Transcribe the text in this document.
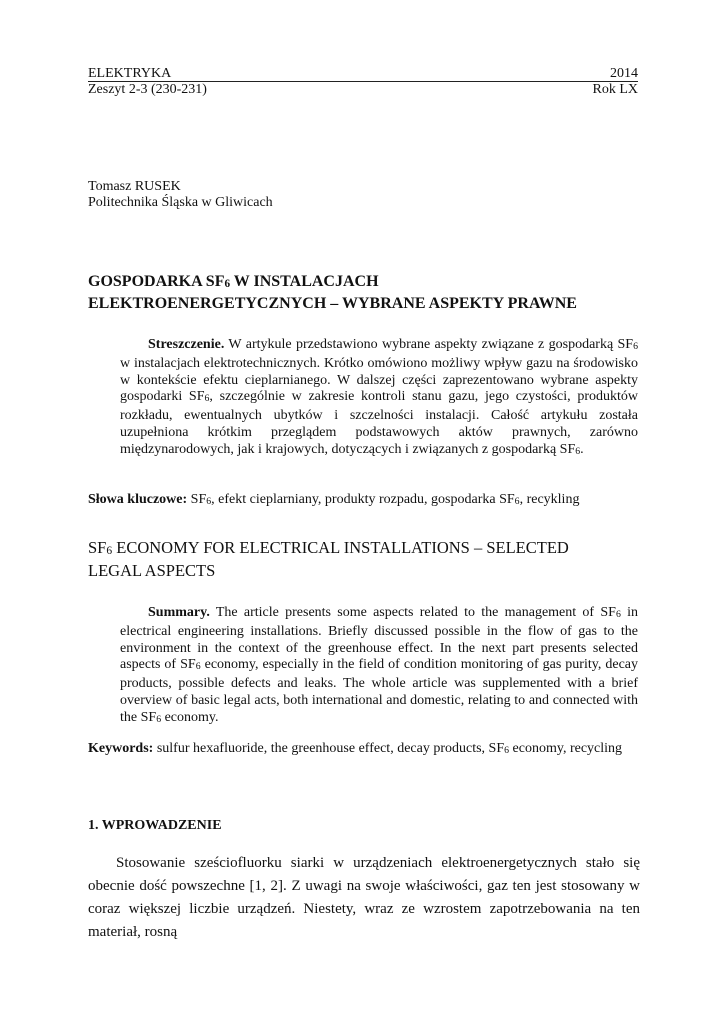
ELEKTRYKA	2014
Zeszyt 2-3 (230-231)	Rok LX
Tomasz RUSEK
Politechnika Śląska w Gliwicach
GOSPODARKA $SF_6$ W INSTALACJACH
ELEKTROENERGETYCZNYCH – WYBRANE ASPEKTY PRAWNE
Streszczenie. W artykule przedstawiono wybrane aspekty związane z gospodarką $SF_6$ w instalacjach elektrotechnicznych. Krótko omówiono możliwy wpływ gazu na środowisko w kontekście efektu cieplarnianego. W dalszej części zaprezentowano wybrane aspekty gospodarki $SF_6$, szczególnie w zakresie kontroli stanu gazu, jego czystości, produktów rozkładu, ewentualnych ubytków i szczelności instalacji. Całość artykułu została uzupełniona krótkim przeglądem podstawowych aktów prawnych, zarówno międzynarodowych, jak i krajowych, dotyczących i związanych z gospodarką $SF_6$.
Słowa kluczowe: $SF_6$, efekt cieplarniany, produkty rozpadu, gospodarka $SF_6$, recykling
$SF_6$ ECONOMY FOR ELECTRICAL INSTALLATIONS – SELECTED
LEGAL ASPECTS
Summary. The article presents some aspects related to the management of $SF_6$ in electrical engineering installations. Briefly discussed possible in the flow of gas to the environment in the context of the greenhouse effect. In the next part presents selected aspects of $SF_6$ economy, especially in the field of condition monitoring of gas purity, decay products, possible defects and leaks. The whole article was supplemented with a brief overview of basic legal acts, both international and domestic, relating to and connected with the $SF_6$ economy.
Keywords: sulfur hexafluoride, the greenhouse effect, decay products, $SF_6$ economy, recycling
1. WPROWADZENIE
Stosowanie sześciofluorku siarki w urządzeniach elektroenergetycznych stało się obecnie dość powszechne [1, 2]. Z uwagi na swoje właściwości, gaz ten jest stosowany w coraz większej liczbie urządzeń. Niestety, wraz ze wzrostem zapotrzebowania na ten materiał, rosną
